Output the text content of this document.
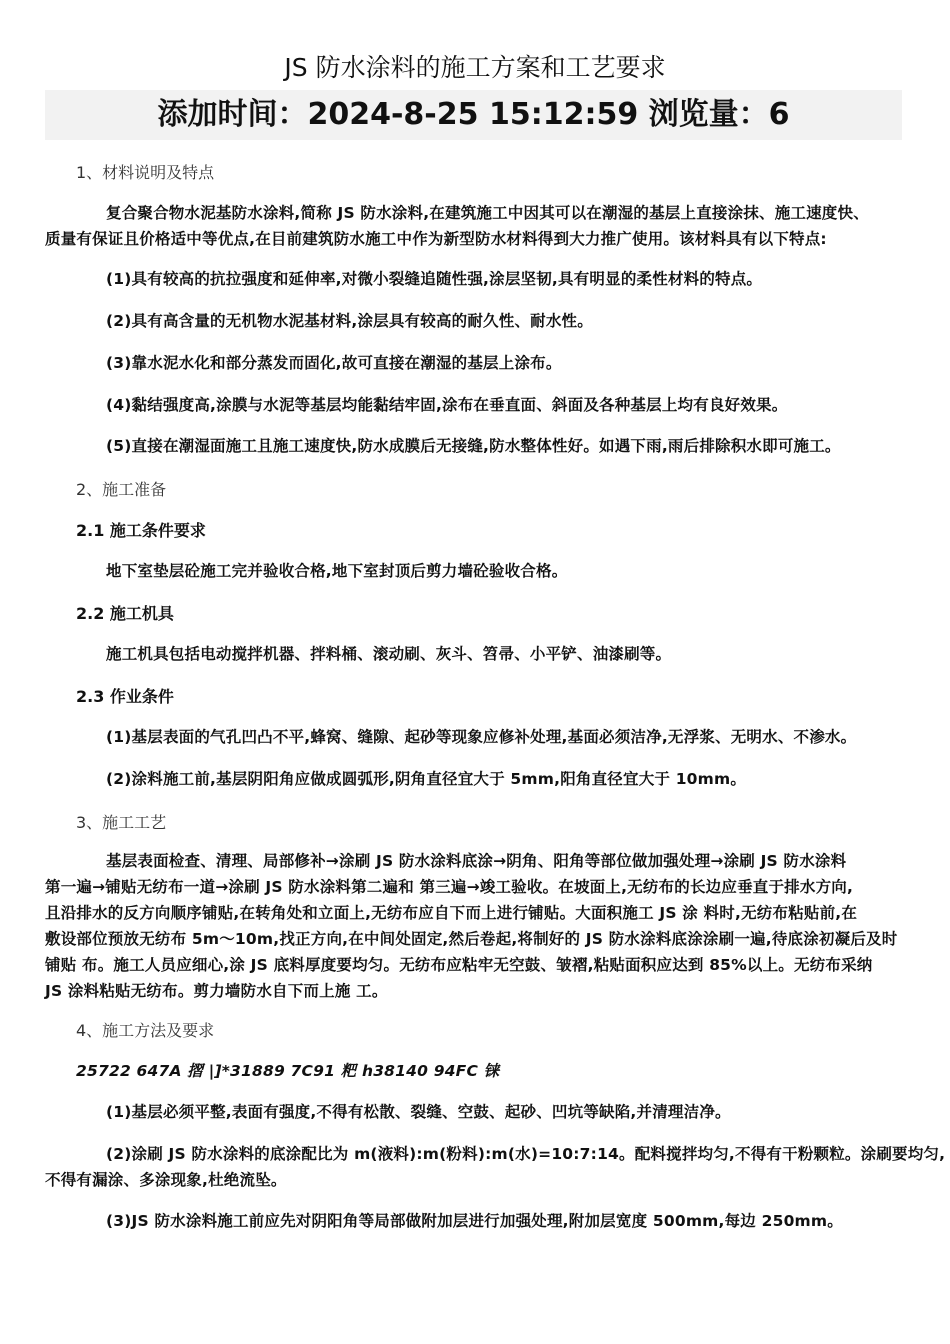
JS 防水涂料的施工方案和工艺要求
添加时间：2024-8-25 15:12:59 浏览量：6
1、材料说明及特点
复合聚合物水泥基防水涂料,简称 JS 防水涂料,在建筑施工中因其可以在潮湿的基层上直接涂抹、施工速度快、
质量有保证且价格适中等优点,在目前建筑防水施工中作为新型防水材料得到大力推广使用。该材料具有以下特点:
(1)具有较高的抗拉强度和延伸率,对微小裂缝追随性强,涂层坚韧,具有明显的柔性材料的特点。
(2)具有高含量的无机物水泥基材料,涂层具有较高的耐久性、耐水性。
(3)靠水泥水化和部分蒸发而固化,故可直接在潮湿的基层上涂布。
(4)黏结强度高,涂膜与水泥等基层均能黏结牢固,涂布在垂直面、斜面及各种基层上均有良好效果。
(5)直接在潮湿面施工且施工速度快,防水成膜后无接缝,防水整体性好。如遇下雨,雨后排除积水即可施工。
2、施工准备
2.1 施工条件要求
地下室垫层砼施工完并验收合格,地下室封顶后剪力墙砼验收合格。
2.2 施工机具
施工机具包括电动搅拌机器、拌料桶、滚动刷、灰斗、笤帚、小平铲、油漆刷等。
2.3 作业条件
(1)基层表面的气孔凹凸不平,蜂窝、缝隙、起砂等现象应修补处理,基面必须洁净,无浮浆、无明水、不渗水。
(2)涂料施工前,基层阴阳角应做成圆弧形,阴角直径宜大于 5mm,阳角直径宜大于 10mm。
3、施工工艺
基层表面检查、清理、局部修补→涂刷 JS 防水涂料底涂→阴角、阳角等部位做加强处理→涂刷 JS 防水涂料
第一遍→铺贴无纺布一道→涂刷 JS 防水涂料第二遍和 第三遍→竣工验收。在坡面上,无纺布的长边应垂直于排水方向,
且沿排水的反方向顺序铺贴,在转角处和立面上,无纺布应自下而上进行铺贴。大面积施工 JS 涂 料时,无纺布粘贴前,在
敷设部位预放无纺布 5m～10m,找正方向,在中间处固定,然后卷起,将制好的 JS 防水涂料底涂涂刷一遍,待底涂初凝后及时
铺贴 布。施工人员应细心,涂 JS 底料厚度要均匀。无纺布应粘牢无空鼓、皱褶,粘贴面积应达到 85%以上。无纺布采纳
JS 涂料粘贴无纺布。剪力墙防水自下而上施 工。
4、施工方法及要求
25722 647A 摺 |]*31889 7C91 粑 h38140 94FC 铼
(1)基层必须平整,表面有强度,不得有松散、裂缝、空鼓、起砂、凹坑等缺陷,并清理洁净。
(2)涂刷 JS 防水涂料的底涂配比为 m(液料):m(粉料):m(水)=10:7:14。配料搅拌均匀,不得有干粉颗粒。涂刷要均匀,
不得有漏涂、多涂现象,杜绝流坠。
(3)JS 防水涂料施工前应先对阴阳角等局部做附加层进行加强处理,附加层宽度 500mm,每边 250mm。
